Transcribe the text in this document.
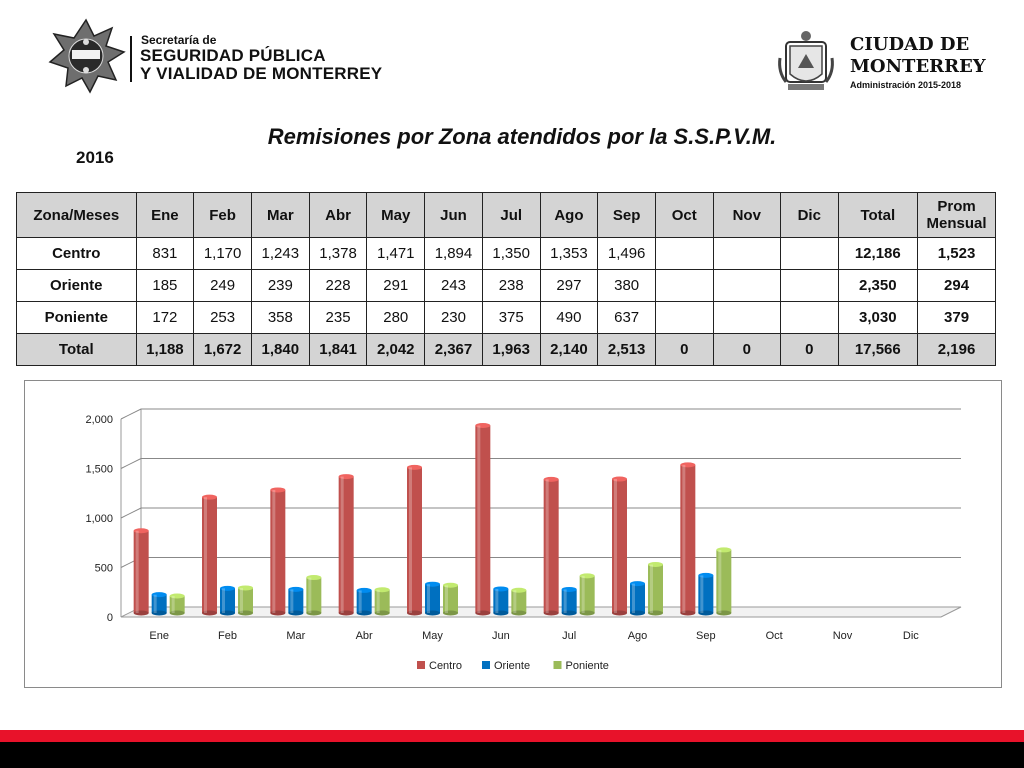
Secretaría de
SEGURIDAD PÚBLICA
Y VIALIDAD DE MONTERREY
CIUDAD DE
MONTERREY
Administración 2015-2018
Remisiones por Zona atendidos por la S.S.P.V.M.
2016
Zona/Meses	Ene	Feb	Mar	Abr	May	Jun	Jul	Ago	Sep	Oct	Nov	Dic	Total	Prom
Mensual

Centro	831	1,170	1,243	1,378	1,471	1,894	1,350	1,353	1,496				12,186	1,523
Oriente	185	249	239	228	291	243	238	297	380				2,350	294
Poniente	172	253	358	235	280	230	375	490	637				3,030	379
Total	1,188	1,672	1,840	1,841	2,042	2,367	1,963	2,140	2,513	0	0	0	17,566	2,196
0
500
1,000
1,500
2,000
Ene	Feb	Mar	Abr	May	Jun	Jul	Ago	Sep	Oct	Nov	Dic
Centro	Oriente	Poniente
